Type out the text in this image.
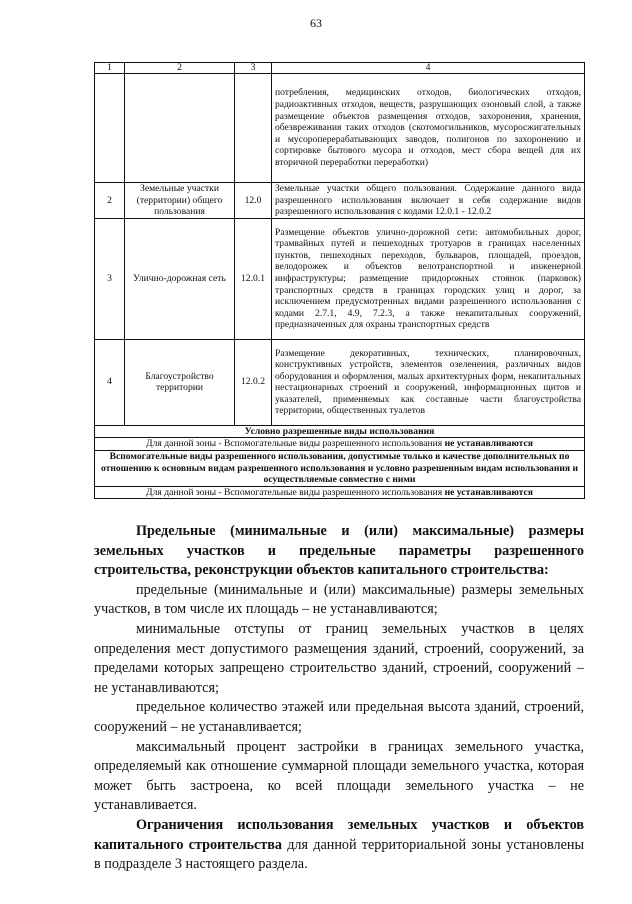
63
1	2	3	4
			потребления, медицинских отходов, биологических отходов, радиоактивных отходов, веществ, разрушающих озоновый слой, а также размещение объектов размещения отходов, захоронения, хранения, обезвреживания таких отходов (скотомогильников, мусоросжигательных и мусороперерабатывающих заводов, полигонов по захоронению и сортировке бытового мусора и отходов, мест сбора вещей для их вторичной переработки переработки)
2	Земельные участки (территории) общего пользования	12.0	Земельные участки общего пользования. Содержание данного вида разрешенного использования включает в себя содержание видов разрешенного использования с кодами 12.0.1 - 12.0.2
3	Улично-дорожная сеть	12.0.1	Размещение объектов улично-дорожной сети: автомобильных дорог, трамвайных путей и пешеходных тротуаров в границах населенных пунктов, пешеходных переходов, бульваров, площадей, проездов, велодорожек и объектов велотранспортной и инженерной инфраструктуры; размещение придорожных стоянок (парковок) транспортных средств в границах городских улиц и дорог, за исключением предусмотренных видами разрешенного использования с кодами 2.7.1, 4.9, 7.2.3, а также некапитальных сооружений, предназначенных для охраны транспортных средств
4	Благоустройство территории	12.0.2	Размещение декоративных, технических, планировочных, конструктивных устройств, элементов озеленения, различных видов оборудования и оформления, малых архитектурных форм, некапитальных нестационарных строений и сооружений, информационных щитов и указателей, применяемых как составные части благоустройства территории, общественных туалетов
Условно разрешенные виды использования			
Для данной зоны - Вспомогательные виды разрешенного использования не устанавливаются			
Вспомогательные виды разрешенного использования, допустимые только в качестве дополнительных по отношению к основным видам разрешенного использования и условно разрешенным видам использования и осуществляемые совместно с ними			
Для данной зоны - Вспомогательные виды разрешенного использования не устанавливаются			

Предельные (минимальные и (или) максимальные) размеры земельных участков и предельные параметры разрешенного строительства, реконструкции объектов капитального строительства:

предельные (минимальные и (или) максимальные) размеры земельных участков, в том числе их площадь – не устанавливаются;

минимальные отступы от границ земельных участков в целях определения мест допустимого размещения зданий, строений, сооружений, за пределами которых запрещено строительство зданий, строений, сооружений – не устанавливаются;

предельное количество этажей или предельная высота зданий, строений, сооружений – не устанавливается;

максимальный процент застройки в границах земельного участка, определяемый как отношение суммарной площади земельного участка, которая может быть застроена, ко всей площади земельного участка – не устанавливается.

Ограничения использования земельных участков и объектов капитального строительства для данной территориальной зоны установлены в подразделе 3 настоящего раздела.
